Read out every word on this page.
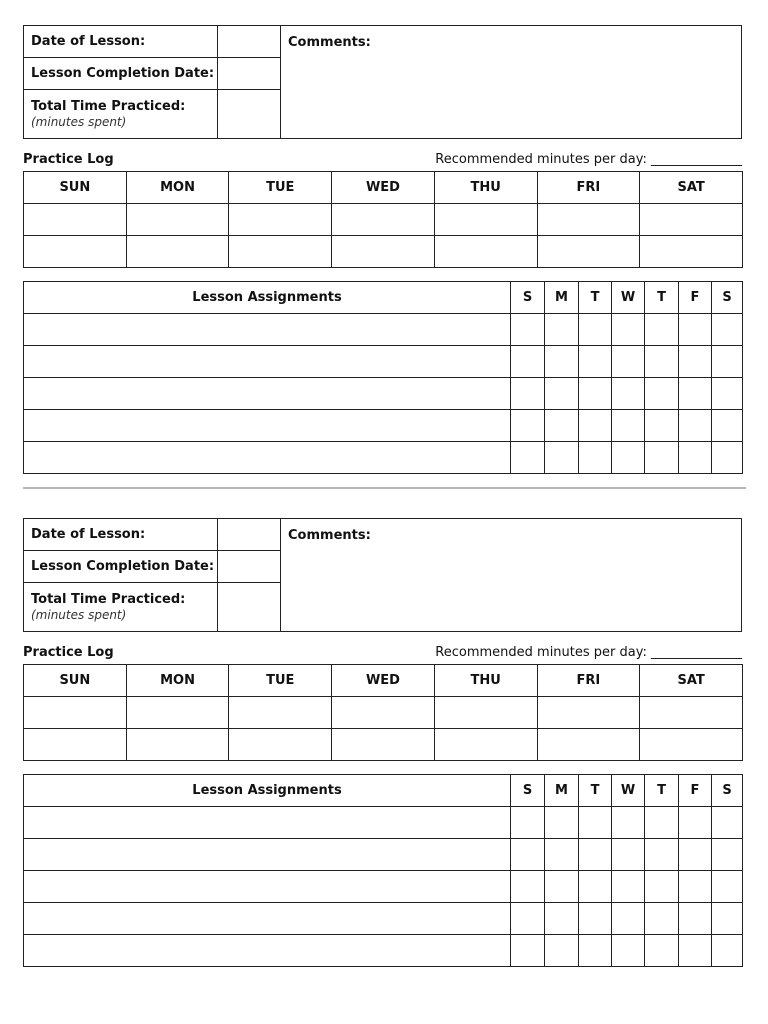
Date of Lesson:		Comments:
Lesson Completion Date:		
Total Time Practiced:
(minutes spent)		

Practice Log	Recommended minutes per day: ______________
SUN	MON	TUE	WED	THU	FRI	SAT

Lesson Assignments	S	M	T	W	T	F	S

Date of Lesson:		Comments:
Lesson Completion Date:		
Total Time Practiced:
(minutes spent)		

Practice Log	Recommended minutes per day: ______________
SUN	MON	TUE	WED	THU	FRI	SAT

Lesson Assignments	S	M	T	W	T	F	S
